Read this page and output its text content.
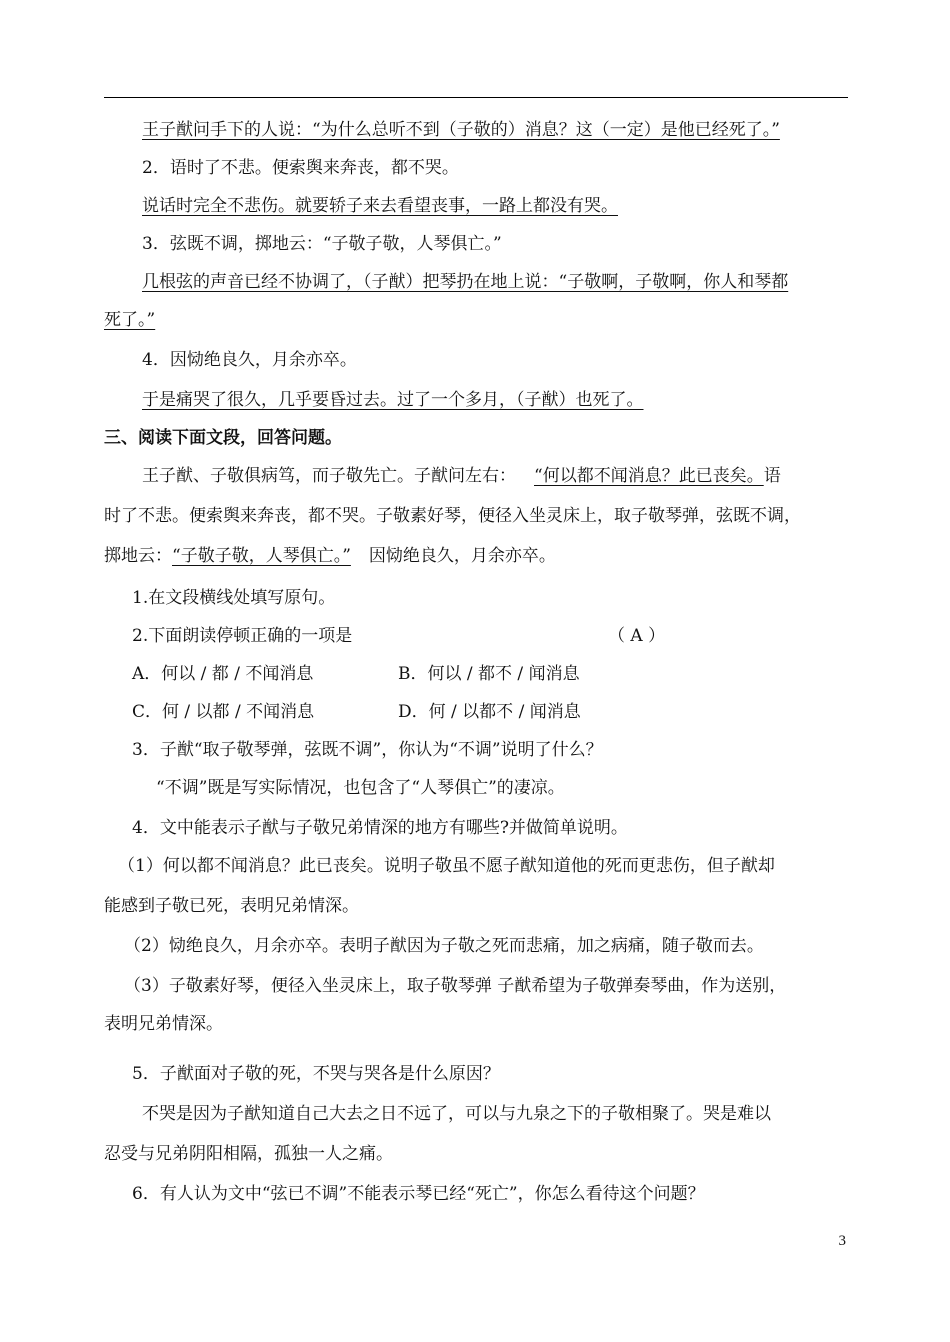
王子猷问手下的人说：“为什么总听不到（子敬的）消息？这（一定）是他已经死了。”
2．语时了不悲。便索舆来奔丧，都不哭。
说话时完全不悲伤。就要轿子来去看望丧事，一路上都没有哭。
3．弦既不调，掷地云：“子敬子敬，人琴俱亡。”
几根弦的声音已经不协调了，（子猷）把琴扔在地上说：“子敬啊，子敬啊，你人和琴都
死了。”
4．因恸绝良久，月余亦卒。
于是痛哭了很久，几乎要昏过去。过了一个多月，（子猷）也死了。
三、阅读下面文段，回答问题。
王子猷、子敬俱病笃，而子敬先亡。子猷问左右： “何以都不闻消息？此已丧矣。语
时了不悲。便索舆来奔丧，都不哭。子敬素好琴，便径入坐灵床上，取子敬琴弹，弦既不调，
掷地云：“子敬子敬，人琴俱亡。” 因恸绝良久，月余亦卒。
1.在文段横线处填写原句。
2.下面朗读停顿正确的一项是	（ A ）
A．何以 / 都 / 不闻消息	B．何以 / 都不 / 闻消息
C．何 / 以都 / 不闻消息	D．何 / 以都不 / 闻消息
3．子猷“取子敬琴弹，弦既不调”，你认为“不调”说明了什么？
“不调”既是写实际情况，也包含了“人琴俱亡”的凄凉。
4．文中能表示子猷与子敬兄弟情深的地方有哪些?并做简单说明。
（1）何以都不闻消息？此已丧矣。说明子敬虽不愿子猷知道他的死而更悲伤，但子猷却
能感到子敬已死，表明兄弟情深。
（2）恸绝良久，月余亦卒。表明子猷因为子敬之死而悲痛，加之病痛，随子敬而去。
（3）子敬素好琴，便径入坐灵床上，取子敬琴弹 子猷希望为子敬弹奏琴曲，作为送别，
表明兄弟情深。
5．子猷面对子敬的死，不哭与哭各是什么原因？
不哭是因为子猷知道自己大去之日不远了，可以与九泉之下的子敬相聚了。哭是难以
忍受与兄弟阴阳相隔，孤独一人之痛。
6．有人认为文中“弦已不调”不能表示琴已经“死亡”，你怎么看待这个问题？
3
